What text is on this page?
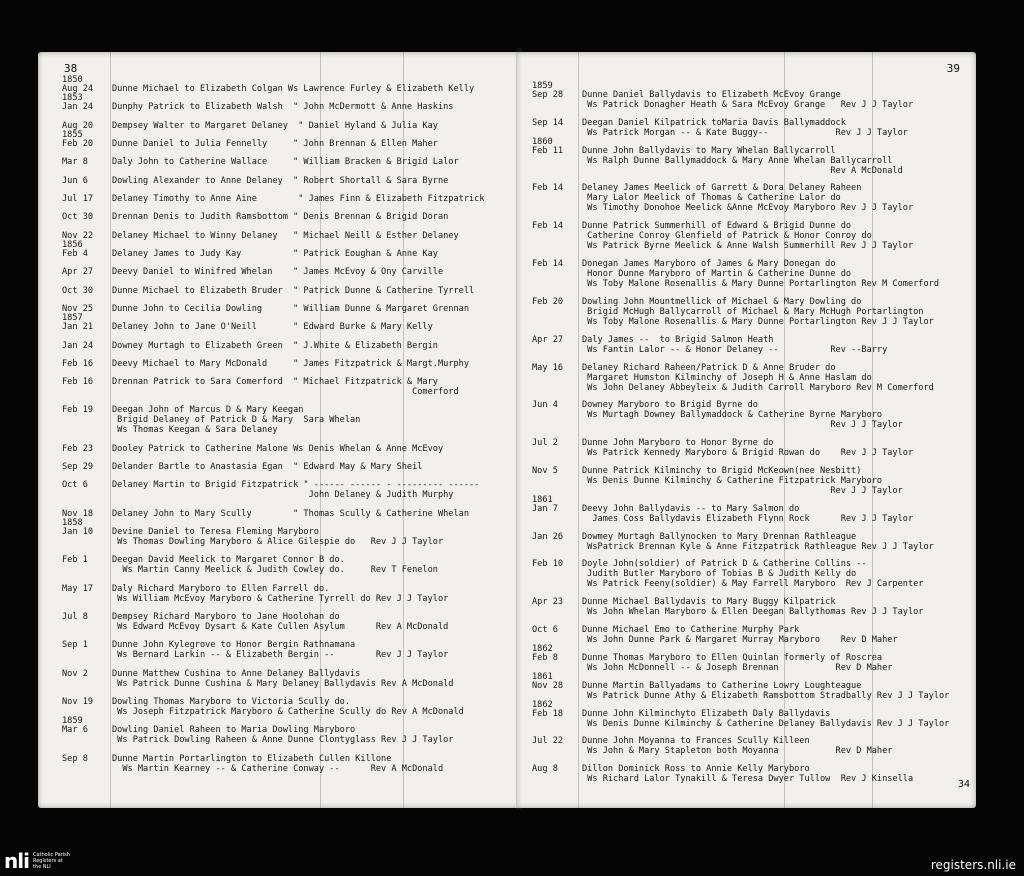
38
1850
Aug 24 Dunne Michael to Elizabeth Colgan Ws Lawrence Furley & Elizabeth Kelly
1853
Jan 24 Dunphy Patrick to Elizabeth Walsh  " John McDermott & Anne Haskins
Aug 20 Dempsey Walter to Margaret Delaney  " Daniel Hyland & Julia Kay
1855
Feb 20 Dunne Daniel to Julia Fennelly     " John Brennan & Ellen Maher
Mar 8	Daly John to Catherine Wallace     " William Bracken & Brigid Lalor
Jun 6	Dowling Alexander to Anne Delaney  " Robert Shortall & Sara Byrne
Jul 17 Delaney Timothy to Anne Aine        " James Finn & Elizabeth Fitzpatrick
Oct 30 Drennan Denis to Judith Ramsbottom " Denis Brennan & Brigid Doran
Nov 22 Delaney Michael to Winny Delaney   " Michael Neill & Esther Delaney
1856
Feb 4	Delaney James to Judy Kay          " Patrick Eoughan & Anne Kay
Apr 27 Deevy Daniel to Winifred Whelan    " James McEvoy & Ony Carville
Oct 30 Dunne Michael to Elizabeth Bruder  " Patrick Dunne & Catherine Tyrrell
Nov 25 Dunne John to Cecilia Dowling      " William Dunne & Margaret Grennan
1857
Jan 21 Delaney John to Jane O'Neill       " Edward Burke & Mary Kelly
Jan 24 Downey Murtagh to Elizabeth Green  " J.White & Elizabeth Bergin
Feb 16 Deevy Michael to Mary McDonald     " James Fitzpatrick & Margt.Murphy
Feb 16 Drennan Patrick to Sara Comerford  " Michael Fitzpatrick & Mary
Comerford
Feb 19 Deegan John of Marcus D & Mary Keegan
Brigid Delaney of Patrick D & Mary  Sara Whelan
Ws Thomas Keegan & Sara Delaney
Feb 23 Dooley Patrick to Catherine Malone Ws Denis Whelan & Anne McEvoy
Sep 29 Delander Bartle to Anastasia Egan  " Edward May & Mary Sheil
Oct 6	Delaney Martin to Brigid Fitzpatrick " ------ ------ - --------- ------
John Delaney & Judith Murphy
Nov 18 Delaney John to Mary Scully        " Thomas Scully & Catherine Whelan
1858
Jan 10 Devine Daniel to Teresa Fleming Maryboro
Ws Thomas Dowling Maryboro & Alice Gilespie do   Rev J J Taylor
Feb 1	Deegan David Meelick to Margaret Connor B do.
Ws Martin Canny Meelick & Judith Cowley do.     Rev T Fenelon
May 17 Daly Richard Maryboro to Ellen Farrell do.
Ws William McEvoy Maryboro & Catherine Tyrrell do Rev J J Taylor
Jul 8	Dempsey Richard Maryboro to Jane Hoolohan do
Ws Edward McEvoy Dysart & Kate Cullen Asylum      Rev A McDonald
Sep 1	Dunne John Kylegrove to Honor Bergin Rathnamana
Ws Bernard Larkin -- & Elizabeth Bergin --        Rev J J Taylor
Nov 2	Dunne Matthew Cushina to Anne Delaney Ballydavis
Ws Patrick Dunne Cushina & Mary Delaney Ballydavis Rev A McDonald
Nov 19 Dowling Thomas Maryboro to Victoria Scully do.
Ws Joseph Fitzpatrick Maryboro & Catherine Scully do Rev A McDonald
1859
Mar 6	Dowling Daniel Raheen to Maria Dowling Maryboro
Ws Patrick Dowling Raheen & Anne Dunne Clontyglass Rev J J Taylor
Sep 8	Dunne Martin Portarlington to Elizabeth Cullen Killone
Ws Martin Kearney -- & Catherine Conway --      Rev A McDonald
39
1859
Sep 28 Dunne Daniel Ballydavis to Elizabeth McEvoy Grange
Ws Patrick Donagher Heath & Sara McEvoy Grange   Rev J J Taylor
Sep 14 Deegan Daniel Kilpatrick toMaria Davis Ballymaddock
Ws Patrick Morgan -- & Kate Buggy--             Rev J J Taylor
1860
Feb 11 Dunne John Ballydavis to Mary Whelan Ballycarroll
Ws Ralph Dunne Ballymaddock & Mary Anne Whelan Ballycarroll
Rev A McDonald
Feb 14 Delaney James Meelick of Garrett & Dora Delaney Raheen
Mary Lalor Meelick of Thomas & Catherine Lalor do
Ws Timothy Donohoe Meelick &Anne McEvoy Maryboro Rev J J Taylor
Feb 14 Dunne Patrick Summerhill of Edward & Brigid Dunne do
Catherine Conroy Glenfield of Patrick & Honor Conroy do
Ws Patrick Byrne Meelick & Anne Walsh Summerhill Rev J J Taylor
Feb 14 Donegan James Maryboro of James & Mary Donegan do
Honor Dunne Maryboro of Martin & Catherine Dunne do
Ws Toby Malone Rosenallis & Mary Dunne Portarlington Rev M Comerford
Feb 20 Dowling John Mountmellick of Michael & Mary Dowling do
Brigid McHugh Ballycarroll of Michael & Mary McHugh Portarlington
Ws Toby Malone Rosenallis & Mary Dunne Portarlington Rev J J Taylor
Apr 27 Daly James --  to Brigid Salmon Heath
Ws Fantin Lalor -- & Honor Delaney --          Rev --Barry
May 16 Delaney Richard Raheen/Patrick D & Anne Bruder do
Margaret Humston Kilminchy of Joseph H & Anne Haslam do
Ws John Delaney Abbeyleix & Judith Carroll Maryboro Rev M Comerford
Jun 4	Downey Maryboro to Brigid Byrne do
Ws Murtagh Downey Ballymaddock & Catherine Byrne Maryboro
Rev J J Taylor
Jul 2	Dunne John Maryboro to Honor Byrne do
Ws Patrick Kennedy Maryboro & Brigid Rowan do    Rev J J Taylor
Nov 5	Dunne Patrick Kilminchy to Brigid McKeown(nee Nesbitt)
Ws Denis Dunne Kilminchy & Catherine Fitzpatrick Maryboro
Rev J J Taylor
1861
Jan 7	Deevy John Ballydavis -- to Mary Salmon do
James Coss Ballydavis Elizabeth Flynn Rock      Rev J J Taylor
Jan 26 Dowmey Murtagh Ballynocken to Mary Drennan Rathleague
WsPatrick Brennan Kyle & Anne Fitzpatrick Rathleague Rev J J Taylor
Feb 10 Doyle John(soldier) of Patrick D & Catherine Collins --
Judith Butler Maryboro of Tobias B & Judith Kelly do
Ws Patrick Feeny(soldier) & May Farrell Maryboro  Rev J Carpenter
Apr 23 Dunne Michael Ballydavis to Mary Buggy Kilpatrick
Ws John Whelan Maryboro & Ellen Deegan Ballythomas Rev J J Taylor
Oct 6	Dunne Michael Emo to Catherine Murphy Park
Ws John Dunne Park & Margaret Murray Maryboro    Rev D Maher
1862
Feb 8	Dunne Thomas Maryboro to Ellen Quinlan formerly of Roscrea
Ws John McDonnell -- & Joseph Brennan           Rev D Maher
1861
Nov 28 Dunne Martin Ballyadams to Catherine Lowry Loughteague
Ws Patrick Dunne Athy & Elizabeth Ramsbottom Stradbally Rev J J Taylor
1862
Feb 18 Dunne John Kilminchyto Elizabeth Daly Ballydavis
Ws Denis Dunne Kilminchy & Catherine Delaney Ballydavis Rev J J Taylor
Jul 22 Dunne John Moyanna to Frances Scully Killeen
Ws John & Mary Stapleton both Moyanna           Rev D Maher
Aug 8	Dillon Dominick Ross to Annie Kelly Maryboro
Ws Richard Lalor Tynakill & Teresa Dwyer Tullow  Rev J Kinsella	34
nli Catholic Parish
Registers at
the NLI	registers.nli.ie
